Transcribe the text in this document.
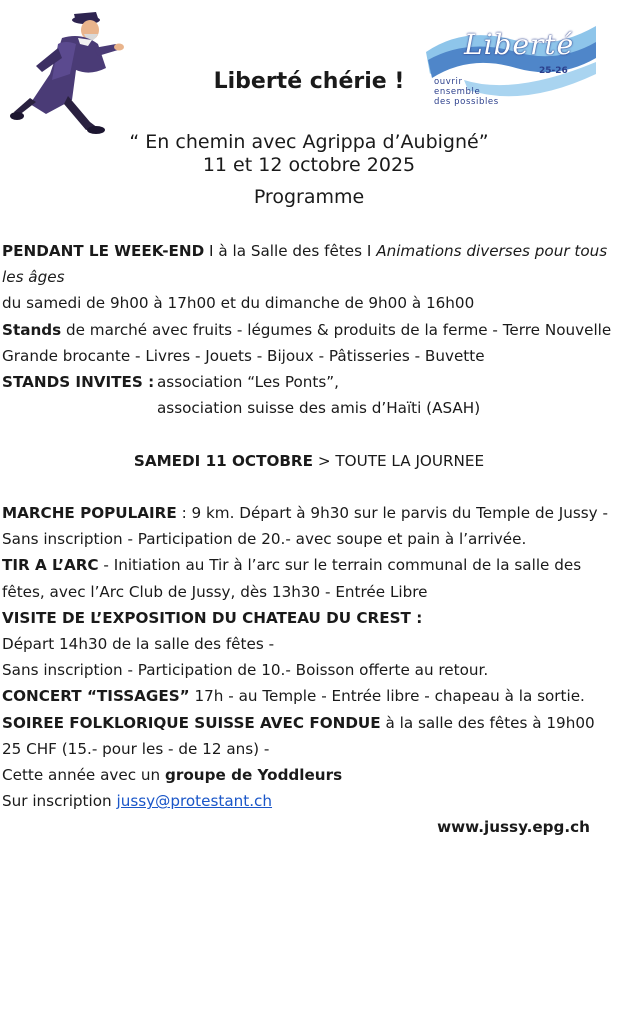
Liberté
25-26
ouvrir
ensemble
des possibles
Liberté chérie !

“ En chemin avec Agrippa d’Aubigné”

11 et 12 octobre 2025

Programme

PENDANT LE WEEK-END I à la Salle des fêtes I Animations diverses pour tous les âges

du samedi de 9h00 à 17h00 et du dimanche de 9h00 à 16h00

Stands de marché avec fruits - légumes & produits de la ferme - Terre Nouvelle

Grande brocante - Livres - Jouets - Bijoux - Pâtisseries - Buvette

STANDS INVITES : association “Les Ponts”,

association suisse des amis d’Haïti (ASAH)

SAMEDI 11 OCTOBRE > TOUTE LA JOURNEE

MARCHE POPULAIRE : 9 km. Départ à 9h30 sur le parvis du Temple de Jussy - Sans inscription - Participation de 20.- avec soupe et pain à l’arrivée.

TIR A L’ARC - Initiation au Tir à l’arc sur le terrain communal de la salle des fêtes, avec l’Arc Club de Jussy, dès 13h30 - Entrée Libre

VISITE DE L’EXPOSITION DU CHATEAU DU CREST :

Départ 14h30 de la salle des fêtes -

Sans inscription - Participation de 10.- Boisson offerte au retour.

CONCERT “TISSAGES” 17h - au Temple - Entrée libre - chapeau à la sortie.

SOIREE FOLKLORIQUE SUISSE AVEC FONDUE à la salle des fêtes à 19h00

25 CHF (15.- pour les - de 12 ans) -

Cette année avec un groupe de Yoddleurs

Sur inscription jussy@protestant.ch

www.jussy.epg.ch
